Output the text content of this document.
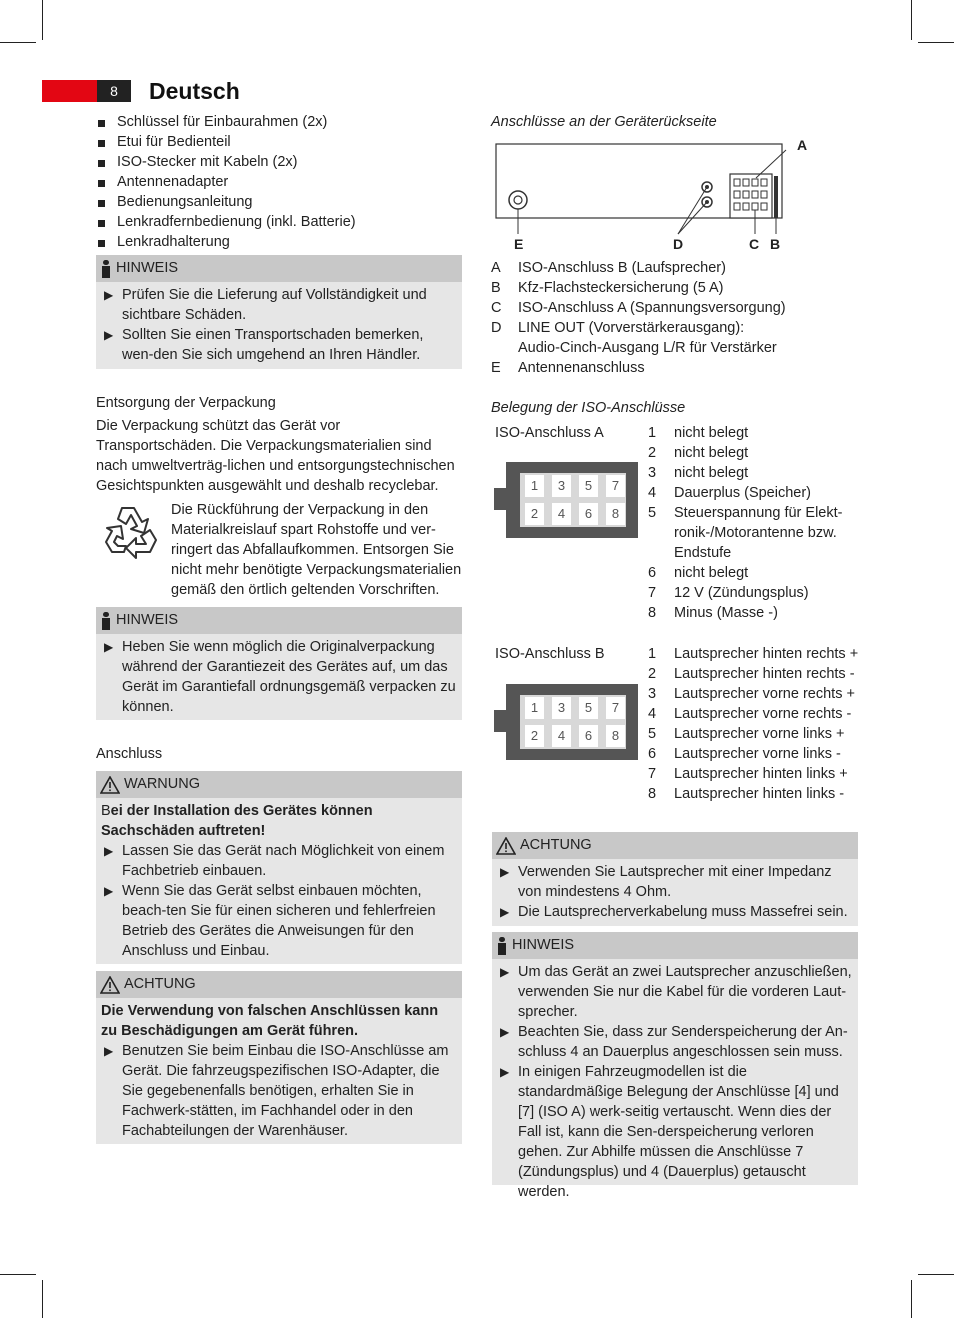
8	Deutsch
Schlüssel für Einbaurahmen (2x)
Etui für Bedienteil
ISO-Stecker mit Kabeln (2x)
Antennenadapter
Bedienungsanleitung
Lenkradfernbedienung (inkl. Batterie)
Lenkradhalterung
HINWEIS
▶ Prüfen Sie die Lieferung auf Vollständigkeit und sichtbare Schäden.
▶ Sollten Sie einen Transportschaden bemerken, wen-den Sie sich umgehend an Ihren Händler.
Entsorgung der Verpackung
Die Verpackung schützt das Gerät vor Transportschäden. Die Verpackungsmaterialien sind nach umweltverträg-lichen und entsorgungstechnischen Gesichtspunkten ausgewählt und deshalb recyclebar.
Die Rückführung der Verpackung in den Materialkreislauf spart Rohstoffe und ver-ringert das Abfallaufkommen. Entsorgen Sie nicht mehr benötigte Verpackungsmaterialien gemäß den örtlich geltenden Vorschriften.
HINWEIS
▶ Heben Sie wenn möglich die Originalverpackung während der Garantiezeit des Gerätes auf, um das Gerät im Garantiefall ordnungsgemäß verpacken zu können.
Anschluss
WARNUNG
Bei der Installation des Gerätes können Sachschäden auftreten!
▶ Lassen Sie das Gerät nach Möglichkeit von einem Fachbetrieb einbauen.
▶ Wenn Sie das Gerät selbst einbauen möchten, beach-ten Sie für einen sicheren und fehlerfreien Betrieb des Gerätes die Anweisungen für den Anschluss und Einbau.
ACHTUNG
Die Verwendung von falschen Anschlüssen kann zu Beschädigungen am Gerät führen.
▶ Benutzen Sie beim Einbau die ISO-Anschlüsse am Gerät. Die fahrzeugspezifischen ISO-Adapter, die Sie gegebenenfalls benötigen, erhalten Sie in Fachwerk-stätten, im Fachhandel oder in den Fachabteilungen der Warenhäuser.
Anschlüsse an der Geräterückseite
A
E	D	C B
A	ISO-Anschluss B (Laufsprecher)
B	Kfz-Flachsteckersicherung (5 A)
C	ISO-Anschluss A (Spannungsversorgung)
D	LINE OUT (Vorverstärkerausgang):
	Audio-Cinch-Ausgang L/R für Verstärker
E	Antennenanschluss
Belegung der ISO-Anschlüsse
ISO-Anschluss A
1	3	5	7
2	4	6	8
1	nicht belegt
2	nicht belegt
3	nicht belegt
4	Dauerplus (Speicher)
5	Steuerspannung für Elekt-
ronik-/Motorantenne bzw.
Endstufe
6	nicht belegt
7	12 V (Zündungsplus)
8	Minus (Masse -)
ISO-Anschluss B
1	3	5	7
2	4	6	8
1	Lautsprecher hinten rechts +
2	Lautsprecher hinten rechts -
3	Lautsprecher vorne rechts +
4	Lautsprecher vorne rechts -
5	Lautsprecher vorne links +
6	Lautsprecher vorne links -
7	Lautsprecher hinten links +
8	Lautsprecher hinten links -
ACHTUNG
▶ Verwenden Sie Lautsprecher mit einer Impedanz von mindestens 4 Ohm.
▶ Die Lautsprecherverkabelung muss Massefrei sein.
HINWEIS
▶ Um das Gerät an zwei Lautsprecher anzuschließen, verwenden Sie nur die Kabel für die vorderen Laut-sprecher.
▶ Beachten Sie, dass zur Senderspeicherung der An-schluss 4 an Dauerplus angeschlossen sein muss.
▶ In einigen Fahrzeugmodellen ist die standardmäßige Belegung der Anschlüsse [4] und [7] (ISO A) werk-seitig vertauscht. Wenn dies der Fall ist, kann die Sen-derspeicherung verloren gehen. Zur Abhilfe müssen die Anschlüsse 7 (Zündungsplus) und 4 (Dauerplus) getauscht werden.
